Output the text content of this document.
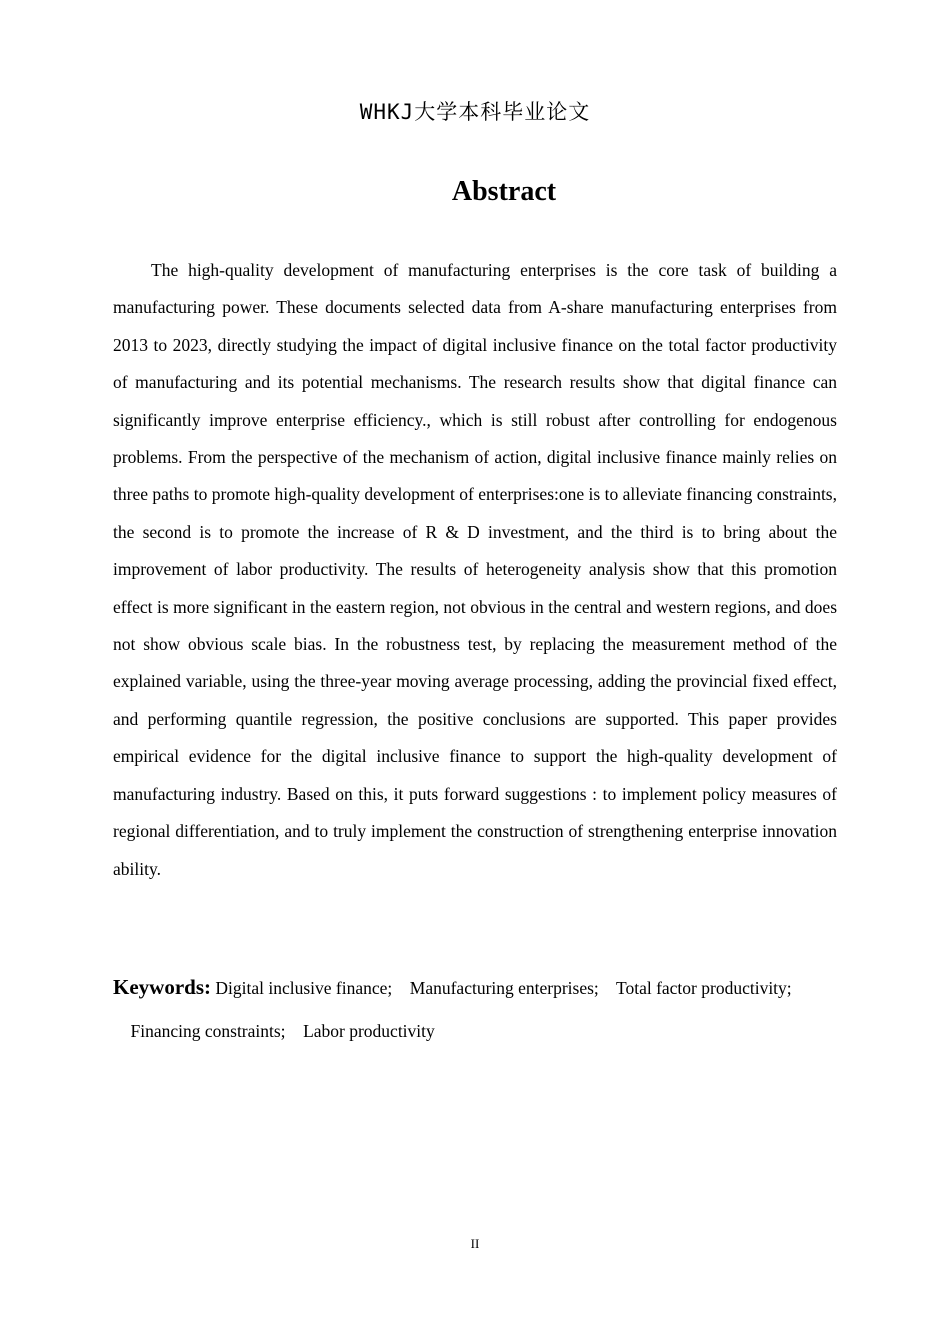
WHKJ大学本科毕业论文
Abstract

The high-quality development of manufacturing enterprises is the core task of building a manufacturing power. These documents selected data from A-share manufacturing enterprises from 2013 to 2023, directly studying the impact of digital inclusive finance on the total factor productivity of manufacturing and its potential mechanisms. The research results show that digital finance can significantly improve enterprise efficiency., which is still robust after controlling for endogenous problems. From the perspective of the mechanism of action, digital inclusive finance mainly relies on three paths to promote high-quality development of enterprises:one is to alleviate financing constraints, the second is to promote the increase of R & D investment, and the third is to bring about the improvement of labor productivity. The results of heterogeneity analysis show that this promotion effect is more significant in the eastern region, not obvious in the central and western regions, and does not show obvious scale bias. In the robustness test, by replacing the measurement method of the explained variable, using the three-year moving average processing, adding the provincial fixed effect, and performing quantile regression, the positive conclusions are supported. This paper provides empirical evidence for the digital inclusive finance to support the high-quality development of manufacturing industry. Based on this, it puts forward suggestions : to implement policy measures of regional differentiation, and to truly implement the construction of strengthening enterprise innovation ability.

Keywords: Digital inclusive finance; Manufacturing enterprises; Total factor productivity;    Financing constraints; Labor productivity

II
